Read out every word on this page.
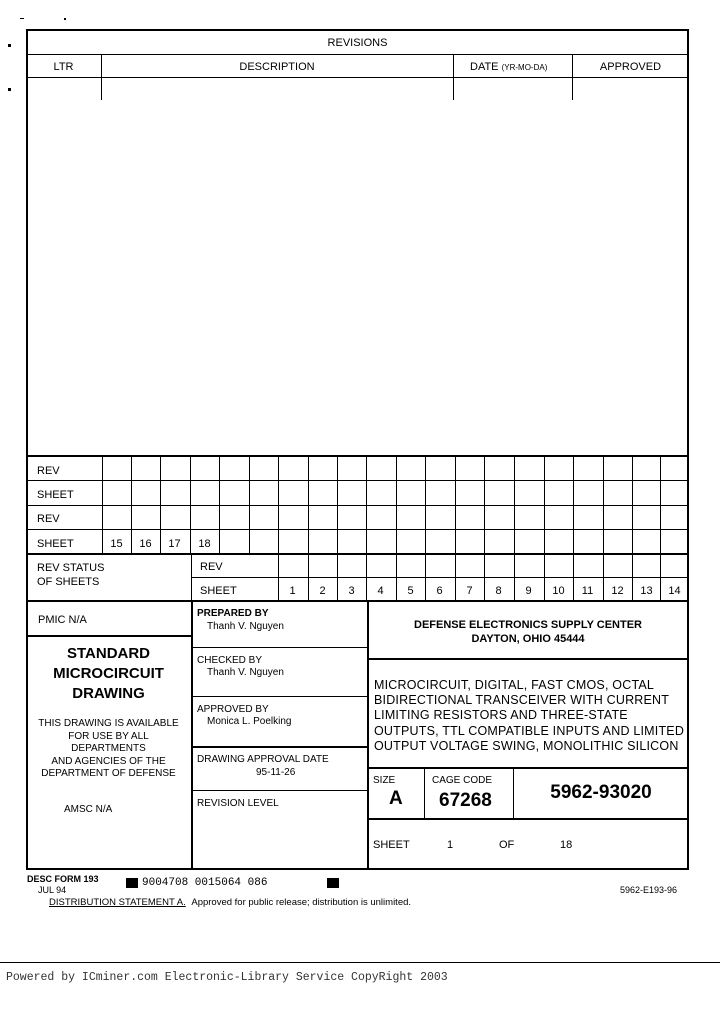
REVISIONS
LTR	DESCRIPTION	DATE (YR-MO-DA)	APPROVED
REV
SHEET
REV
SHEET	15	16	17	18
REV STATUS
OF SHEETS
REV
SHEET	1	2	3	4	5	6	7	8	9	10	11	12	13	14
PMIC N/A
STANDARD
MICROCIRCUIT
DRAWING
THIS DRAWING IS AVAILABLE
FOR USE BY ALL
DEPARTMENTS
AND AGENCIES OF THE
DEPARTMENT OF DEFENSE
AMSC N/A
PREPARED BY
Thanh V. Nguyen
CHECKED BY
Thanh V. Nguyen
APPROVED BY
Monica L. Poelking
DRAWING APPROVAL DATE
95-11-26
REVISION LEVEL
DEFENSE ELECTRONICS SUPPLY CENTER
DAYTON, OHIO 45444
MICROCIRCUIT, DIGITAL, FAST CMOS, OCTAL
BIDIRECTIONAL TRANSCEIVER WITH CURRENT
LIMITING RESISTORS AND THREE-STATE
OUTPUTS, TTL COMPATIBLE INPUTS AND LIMITED
OUTPUT VOLTAGE SWING, MONOLITHIC SILICON
SIZE
A
CAGE CODE
67268	5962-93020
SHEET	1	OF	18
DESC FORM 193
JUL 94
9004708 0015064 086
5962-E193-96
DISTRIBUTION STATEMENT A. Approved for public release; distribution is unlimited.
Powered by ICminer.com Electronic-Library Service CopyRight 2003
